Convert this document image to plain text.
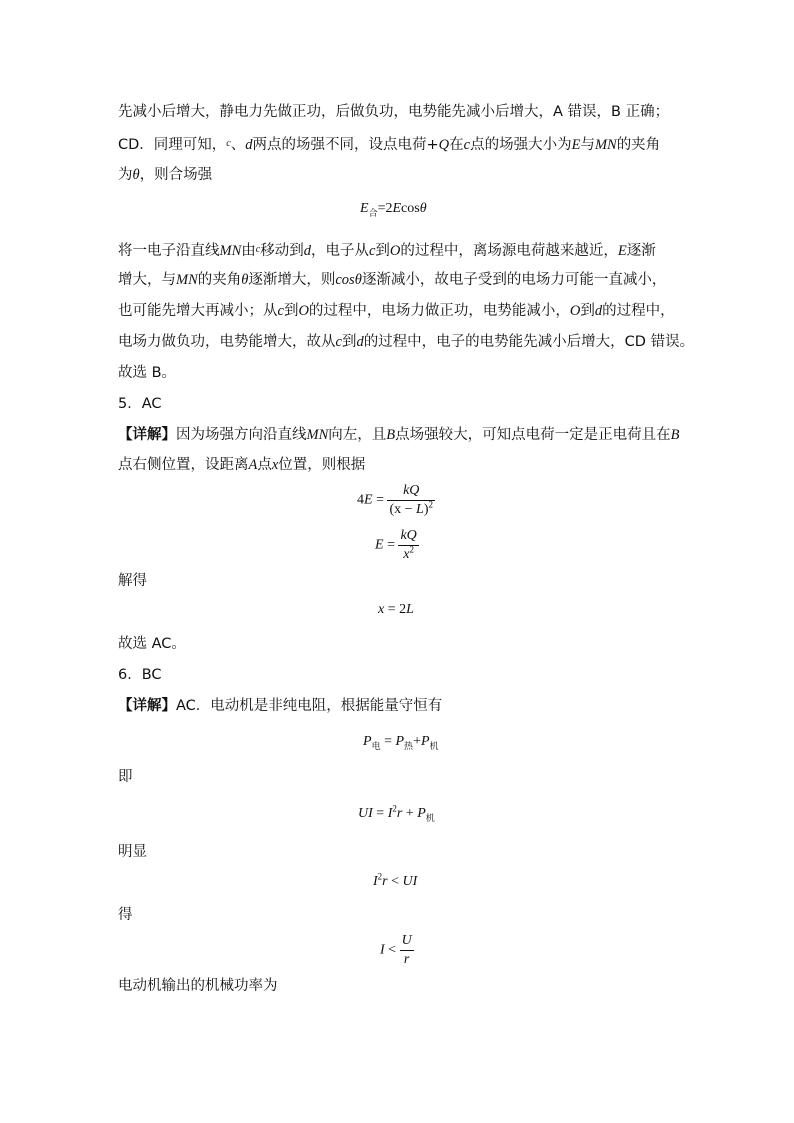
先减小后增大，静电力先做正功，后做负功，电势能先减小后增大，A 错误，B 正确；
CD．同理可知，$^c$、d两点的场强不同，设点电荷+Q在c点的场强大小为E与MN的夹角
为θ，则合场强
$E_合=2Ecos\theta$
将一电子沿直线MN由$^c$移动到d，电子从c到O的过程中，离场源电荷越来越近，E逐渐
增大，与MN的夹角θ逐渐增大，则cosθ逐渐减小，故电子受到的电场力可能一直减小，
也可能先增大再减小；从c到O的过程中，电场力做正功，电势能减小，O到d的过程中，
电场力做负功，电势能增大，故从c到d的过程中，电子的电势能先减小后增大，CD 错误。
故选 B。
5．AC
【详解】因为场强方向沿直线MN向左，且B点场强较大，可知点电荷一定是正电荷且在B
点右侧位置，设距离A点x位置，则根据
$4E = \frac{kQ}{(x - L)^2}$
$E = \frac{kQ}{x^2}$
解得
x = 2L
故选 AC。
6．BC
【详解】AC．电动机是非纯电阻，根据能量守恒有
$P_电 = P_热+P_机$
即
UI = $I^2r + P_机$
明显
$I^2r$ < UI
得
$I < \frac{U}{r}$
电动机输出的机械功率为
